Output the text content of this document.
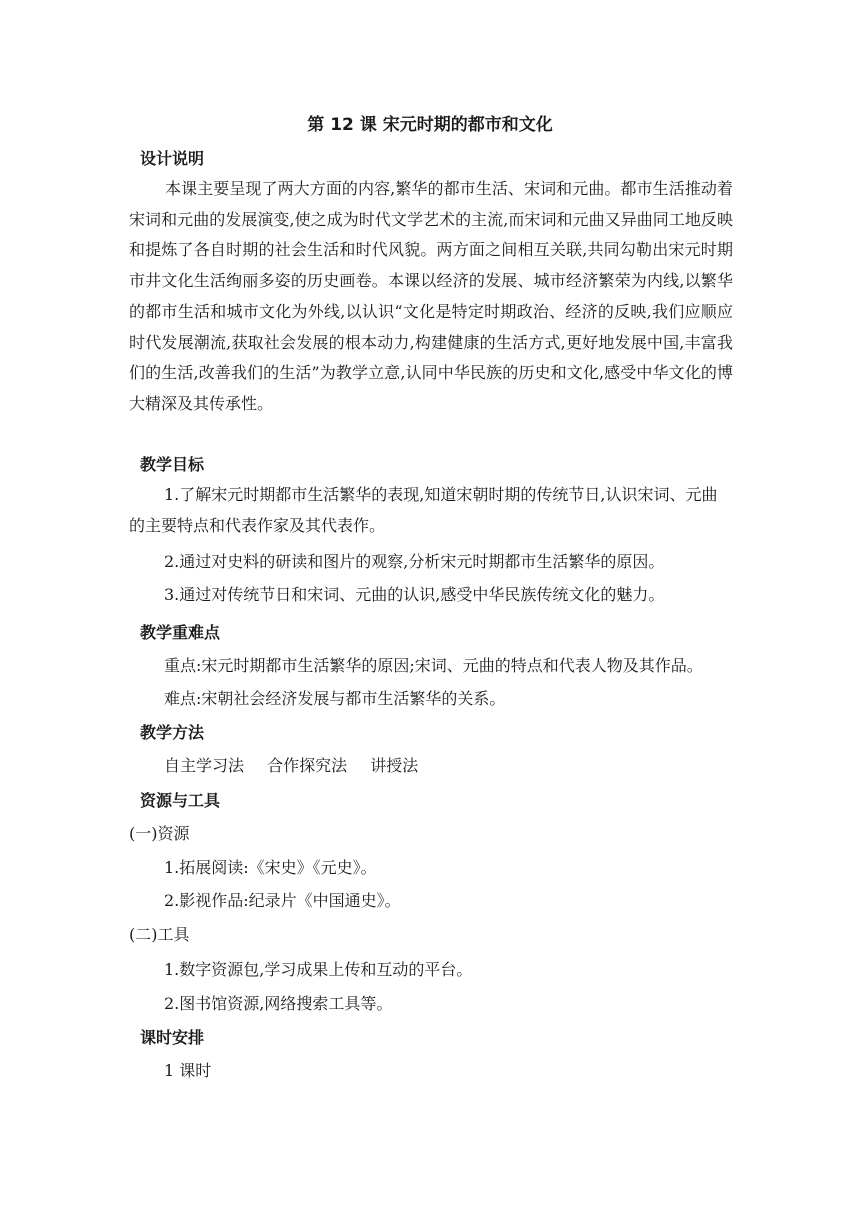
第 12 课 宋元时期的都市和文化
设计说明
本课主要呈现了两大方面的内容,繁华的都市生活、宋词和元曲。都市生活推动着宋词和元曲的发展演变,使之成为时代文学艺术的主流,而宋词和元曲又异曲同工地反映和提炼了各自时期的社会生活和时代风貌。两方面之间相互关联,共同勾勒出宋元时期市井文化生活绚丽多姿的历史画卷。本课以经济的发展、城市经济繁荣为内线,以繁华的都市生活和城市文化为外线,以认识“文化是特定时期政治、经济的反映,我们应顺应时代发展潮流,获取社会发展的根本动力,构建健康的生活方式,更好地发展中国,丰富我们的生活,改善我们的生活”为教学立意,认同中华民族的历史和文化,感受中华文化的博大精深及其传承性。
教学目标
1.了解宋元时期都市生活繁华的表现,知道宋朝时期的传统节日,认识宋词、元曲的主要特点和代表作家及其代表作。
2.通过对史料的研读和图片的观察,分析宋元时期都市生活繁华的原因。
3.通过对传统节日和宋词、元曲的认识,感受中华民族传统文化的魅力。
教学重难点
重点:宋元时期都市生活繁华的原因;宋词、元曲的特点和代表人物及其作品。
难点:宋朝社会经济发展与都市生活繁华的关系。
教学方法
自主学习法 合作探究法 讲授法
资源与工具
(一)资源
1.拓展阅读:《宋史》《元史》。
2.影视作品:纪录片《中国通史》。
(二)工具
1.数字资源包,学习成果上传和互动的平台。
2.图书馆资源,网络搜索工具等。
课时安排
1 课时
